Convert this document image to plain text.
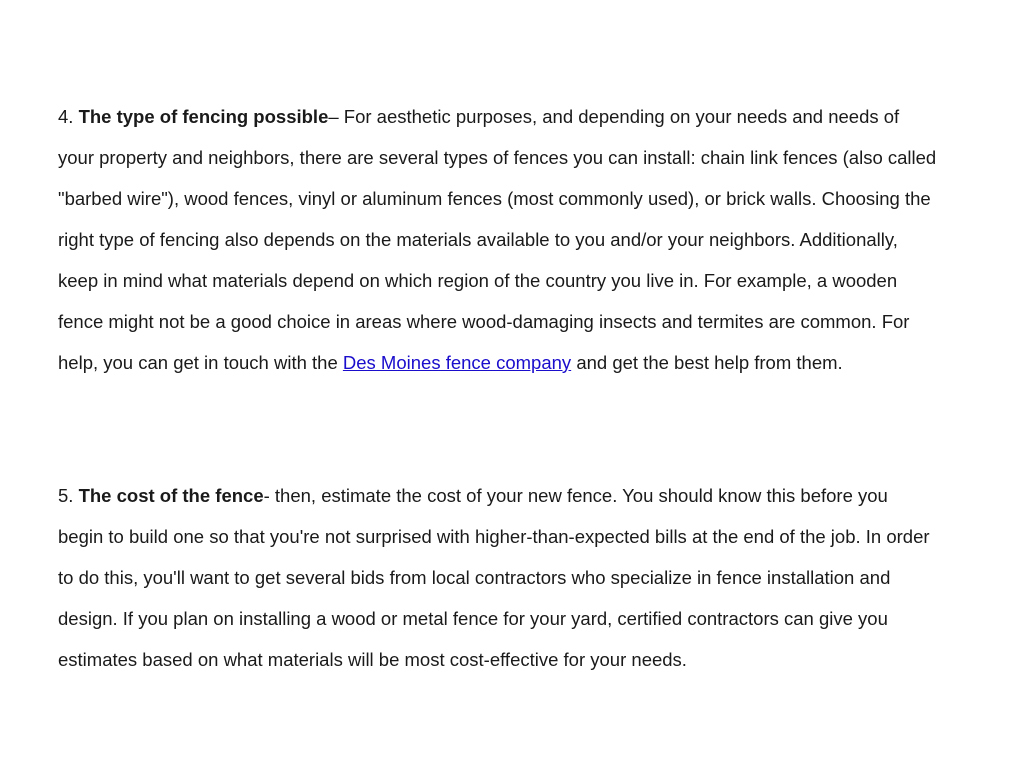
4. The type of fencing possible– For aesthetic purposes, and depending on your needs and needs of your property and neighbors, there are several types of fences you can install: chain link fences (also called "barbed wire"), wood fences, vinyl or aluminum fences (most commonly used), or brick walls. Choosing the right type of fencing also depends on the materials available to you and/or your neighbors. Additionally, keep in mind what materials depend on which region of the country you live in. For example, a wooden fence might not be a good choice in areas where wood-damaging insects and termites are common. For help, you can get in touch with the Des Moines fence company and get the best help from them.

5. The cost of the fence- then, estimate the cost of your new fence. You should know this before you begin to build one so that you're not surprised with higher-than-expected bills at the end of the job. In order to do this, you'll want to get several bids from local contractors who specialize in fence installation and design. If you plan on installing a wood or metal fence for your yard, certified contractors can give you estimates based on what materials will be most cost-effective for your needs.
